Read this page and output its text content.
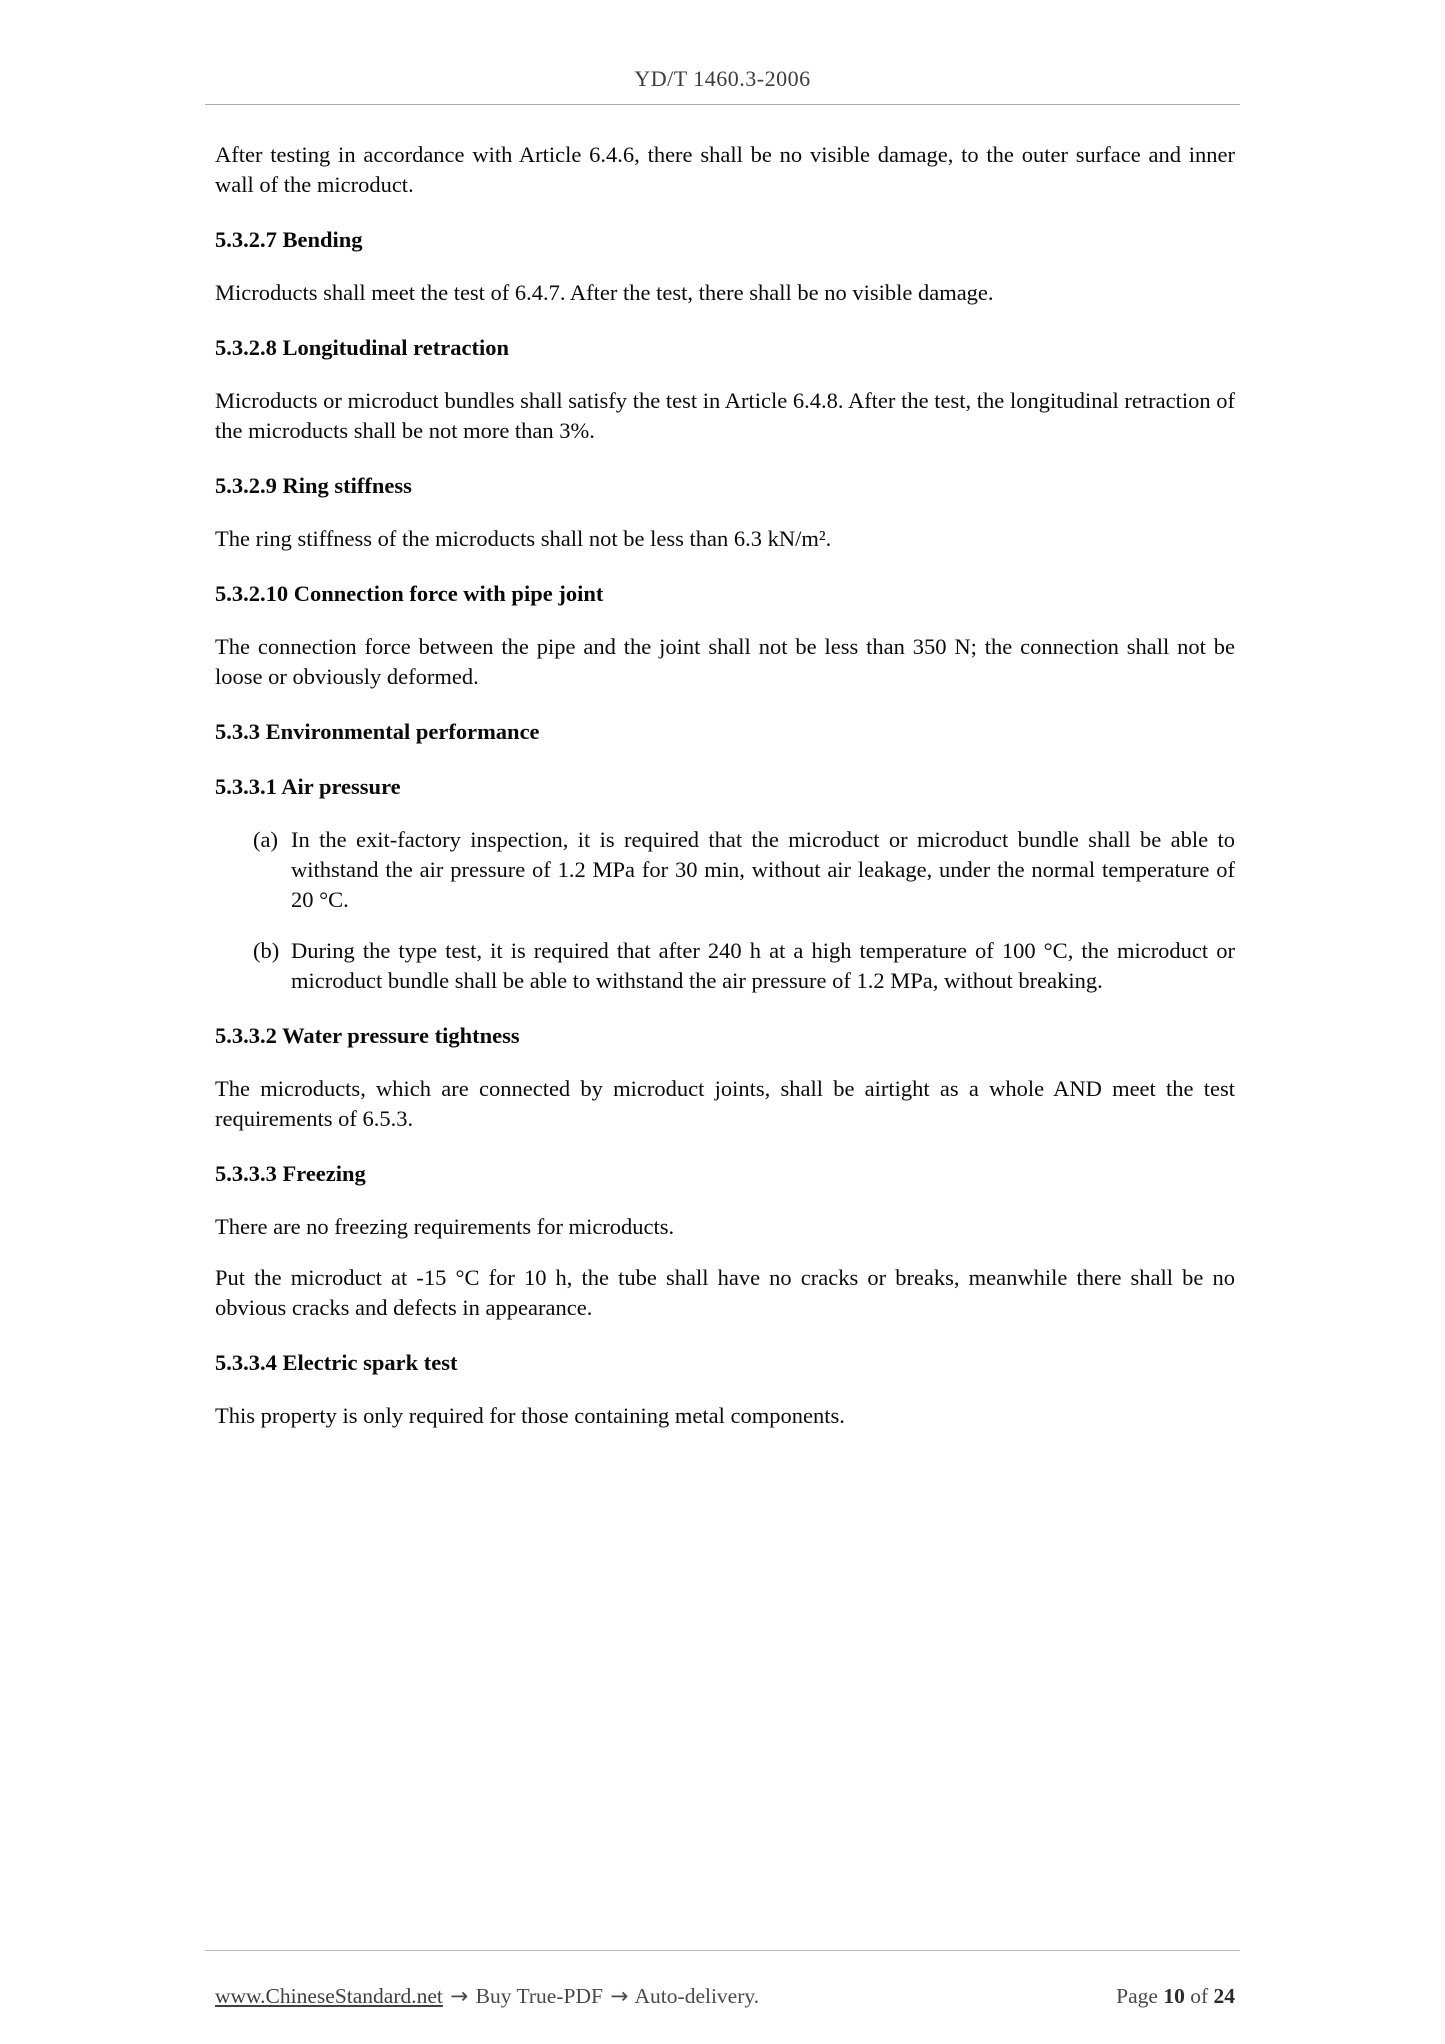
YD/T 1460.3-2006

After testing in accordance with Article 6.4.6, there shall be no visible damage, to the outer surface and inner wall of the microduct.

5.3.2.7 Bending

Microducts shall meet the test of 6.4.7. After the test, there shall be no visible damage.

5.3.2.8 Longitudinal retraction

Microducts or microduct bundles shall satisfy the test in Article 6.4.8. After the test, the longitudinal retraction of the microducts shall be not more than 3%.

5.3.2.9 Ring stiffness

The ring stiffness of the microducts shall not be less than 6.3 kN/m².

5.3.2.10 Connection force with pipe joint

The connection force between the pipe and the joint shall not be less than 350 N; the connection shall not be loose or obviously deformed.

5.3.3 Environmental performance
5.3.3.1 Air pressure
(a) In the exit-factory inspection, it is required that the microduct or microduct bundle shall be able to withstand the air pressure of 1.2 MPa for 30 min, without air leakage, under the normal temperature of 20 °C.
(b) During the type test, it is required that after 240 h at a high temperature of 100 °C, the microduct or microduct bundle shall be able to withstand the air pressure of 1.2 MPa, without breaking.
5.3.3.2 Water pressure tightness

The microducts, which are connected by microduct joints, shall be airtight as a whole AND meet the test requirements of 6.5.3.

5.3.3.3 Freezing

There are no freezing requirements for microducts.

Put the microduct at -15 °C for 10 h, the tube shall have no cracks or breaks, meanwhile there shall be no obvious cracks and defects in appearance.

5.3.3.4 Electric spark test

This property is only required for those containing metal components.

www.ChineseStandard.net → Buy True-PDF → Auto-delivery.	Page 10 of 24
